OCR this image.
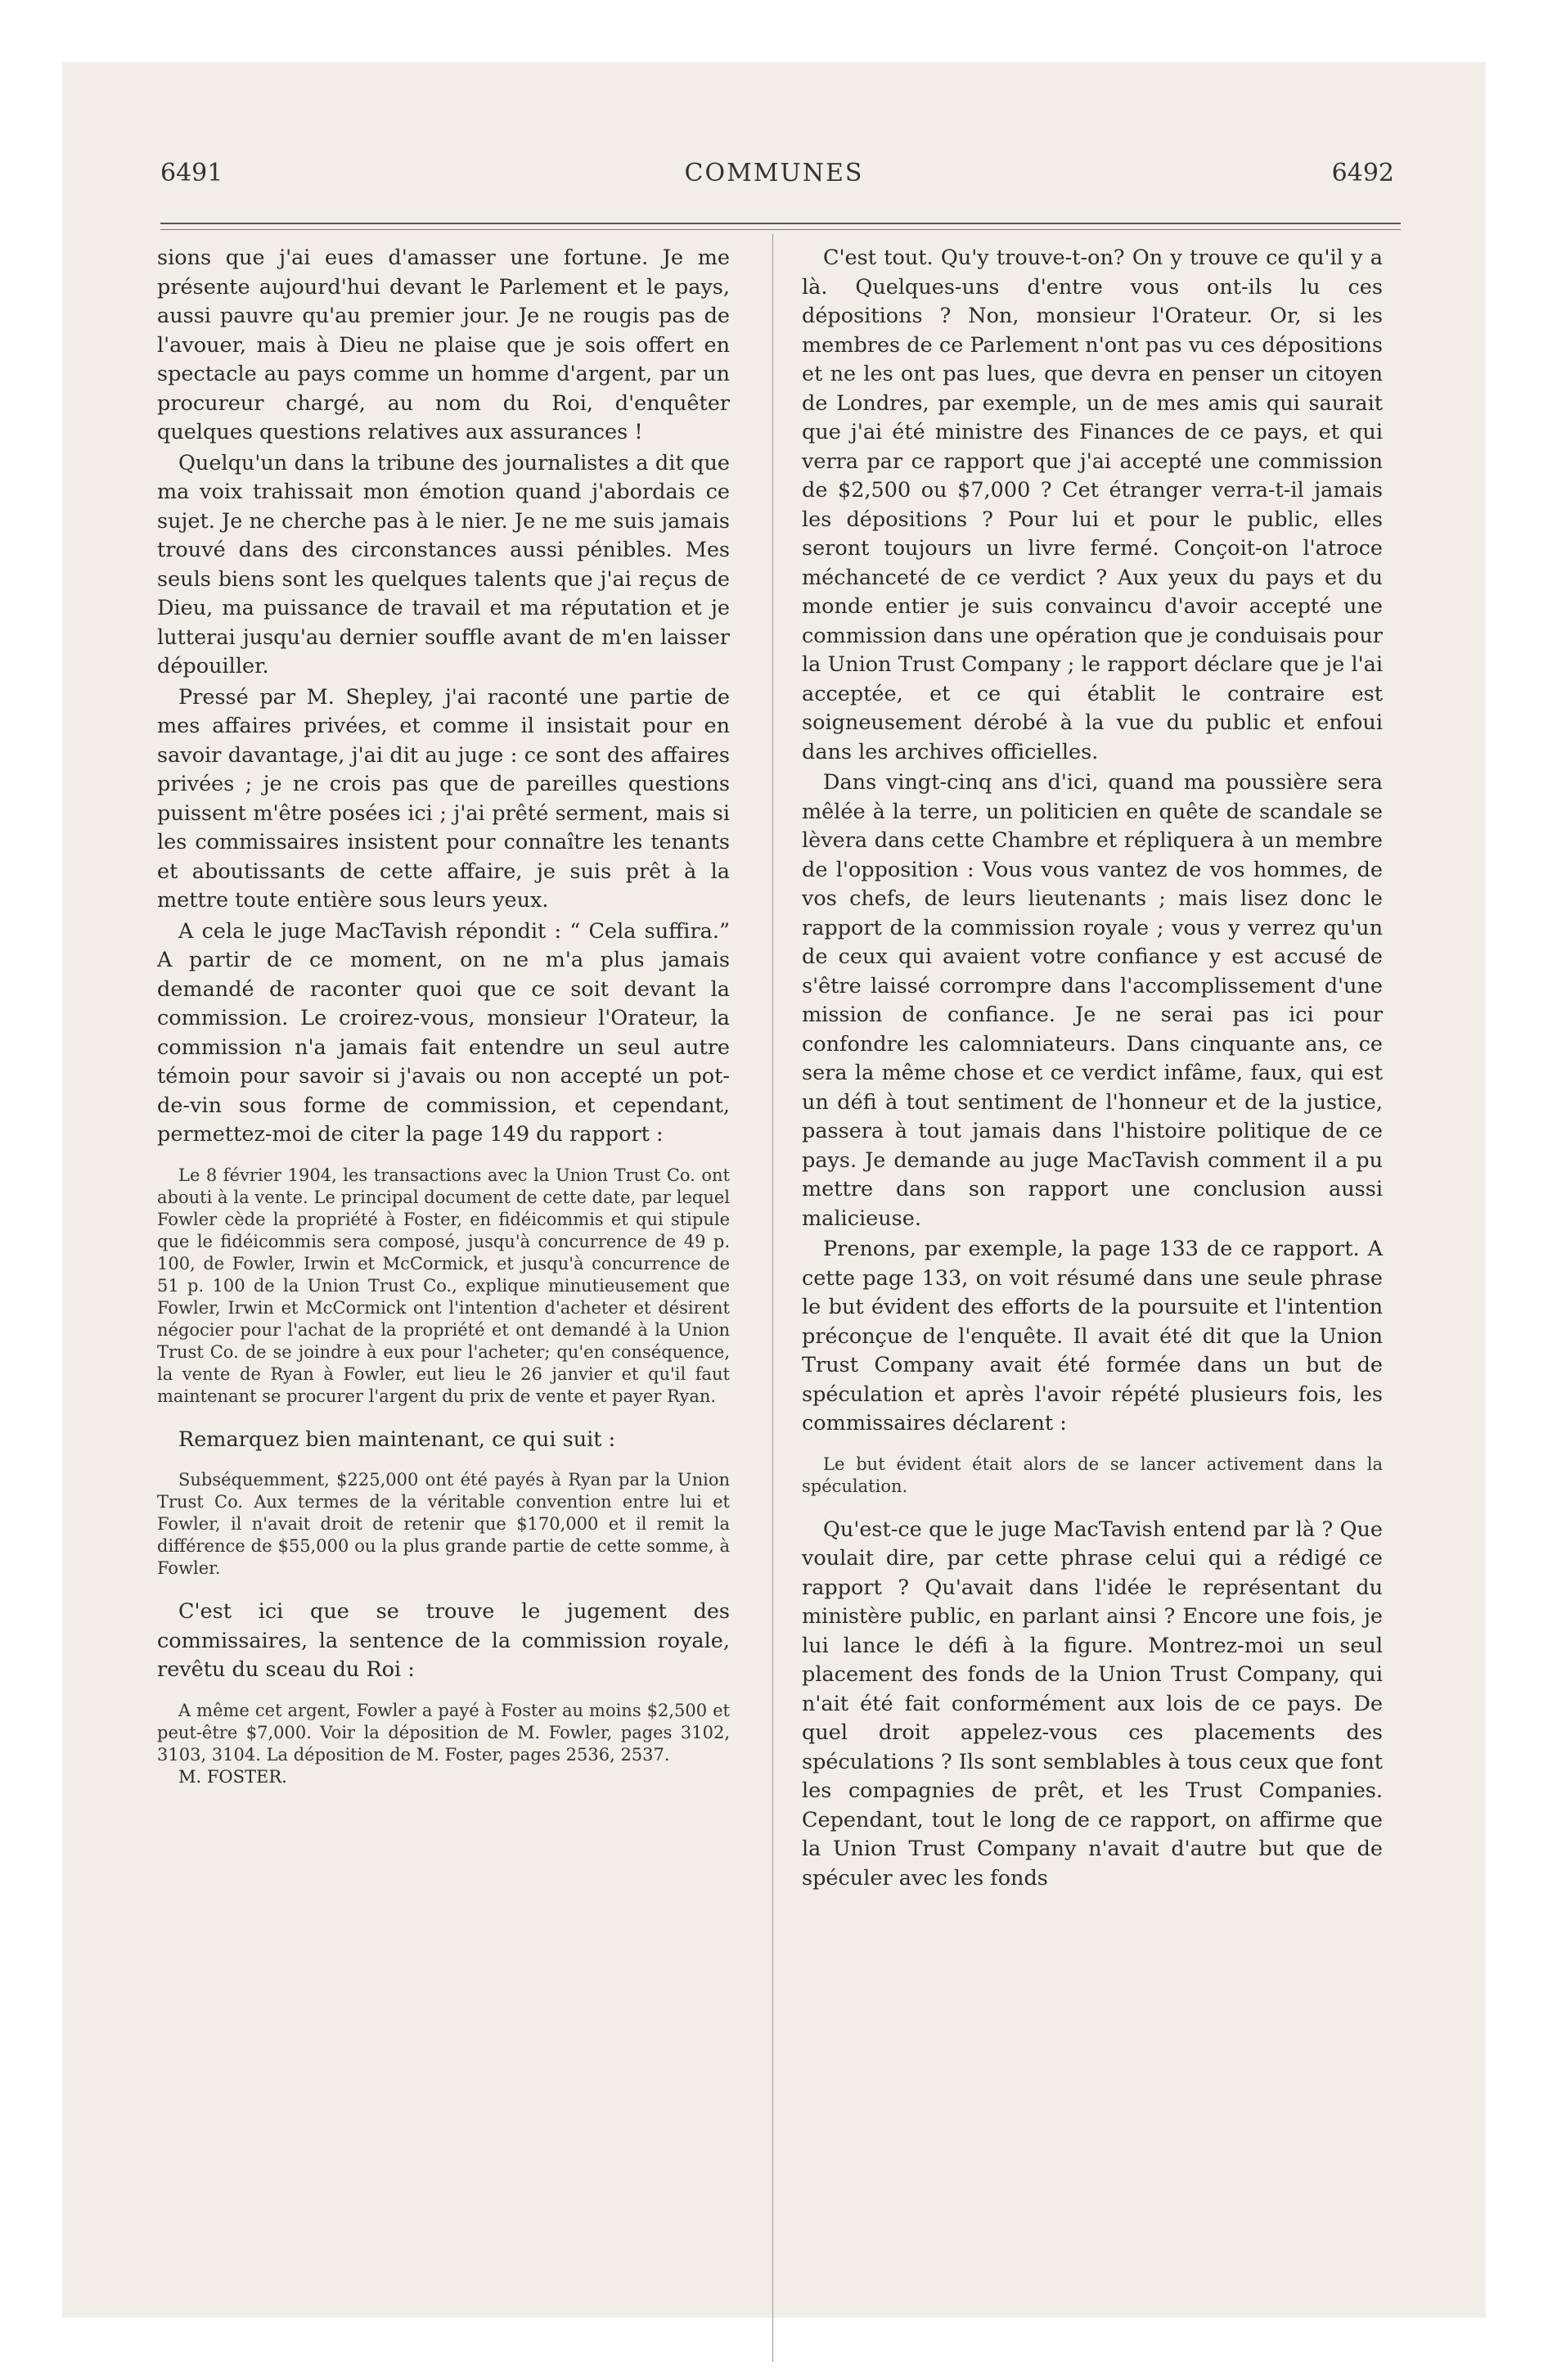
6491	COMMUNES	6492

sions que j'ai eues d'amasser une fortune. Je me présente aujourd'hui devant le Parlement et le pays, aussi pauvre qu'au premier jour. Je ne rougis pas de l'avouer, mais à Dieu ne plaise que je sois offert en spectacle au pays comme un homme d'argent, par un procureur chargé, au nom du Roi, d'enquêter quelques questions relatives aux assurances !

Quelqu'un dans la tribune des journalistes a dit que ma voix trahissait mon émotion quand j'abordais ce sujet. Je ne cherche pas à le nier. Je ne me suis jamais trouvé dans des circonstances aussi pénibles. Mes seuls biens sont les quelques talents que j'ai reçus de Dieu, ma puissance de travail et ma réputation et je lutterai jusqu'au dernier souffle avant de m'en laisser dépouiller.

Pressé par M. Shepley, j'ai raconté une partie de mes affaires privées, et comme il insistait pour en savoir davantage, j'ai dit au juge : ce sont des affaires privées ; je ne crois pas que de pareilles questions puissent m'être posées ici ; j'ai prêté serment, mais si les commissaires insistent pour connaître les tenants et aboutissants de cette affaire, je suis prêt à la mettre toute entière sous leurs yeux.

A cela le juge MacTavish répondit : “ Cela suffira.” A partir de ce moment, on ne m'a plus jamais demandé de raconter quoi que ce soit devant la commission. Le croirez-vous, monsieur l'Orateur, la commission n'a jamais fait entendre un seul autre témoin pour savoir si j'avais ou non accepté un pot-de-vin sous forme de commission, et cependant, permettez-moi de citer la page 149 du rapport :

Le 8 février 1904, les transactions avec la Union Trust Co. ont abouti à la vente. Le principal document de cette date, par lequel Fowler cède la propriété à Foster, en fidéicommis et qui stipule que le fidéicommis sera composé, jusqu'à concurrence de 49 p. 100, de Fowler, Irwin et McCormick, et jusqu'à concurrence de 51 p. 100 de la Union Trust Co., explique minutieusement que Fowler, Irwin et McCormick ont l'intention d'acheter et désirent négocier pour l'achat de la propriété et ont demandé à la Union Trust Co. de se joindre à eux pour l'acheter; qu'en conséquence, la vente de Ryan à Fowler, eut lieu le 26 janvier et qu'il faut maintenant se procurer l'argent du prix de vente et payer Ryan.

Remarquez bien maintenant, ce qui suit :

Subséquemment, $225,000 ont été payés à Ryan par la Union Trust Co. Aux termes de la véritable convention entre lui et Fowler, il n'avait droit de retenir que $170,000 et il remit la différence de $55,000 ou la plus grande partie de cette somme, à Fowler.

C'est ici que se trouve le jugement des commissaires, la sentence de la commission royale, revêtu du sceau du Roi :

A même cet argent, Fowler a payé à Foster au moins $2,500 et peut-être $7,000. Voir la déposition de M. Fowler, pages 3102, 3103, 3104. La déposition de M. Foster, pages 2536, 2537.

M. FOSTER.

C'est tout. Qu'y trouve-t-on? On y trouve ce qu'il y a là. Quelques-uns d'entre vous ont-ils lu ces dépositions ? Non, monsieur l'Orateur. Or, si les membres de ce Parlement n'ont pas vu ces dépositions et ne les ont pas lues, que devra en penser un citoyen de Londres, par exemple, un de mes amis qui saurait que j'ai été ministre des Finances de ce pays, et qui verra par ce rapport que j'ai accepté une commission de $2,500 ou $7,000 ? Cet étranger verra-t-il jamais les dépositions ? Pour lui et pour le public, elles seront toujours un livre fermé. Conçoit-on l'atroce méchanceté de ce verdict ? Aux yeux du pays et du monde entier je suis convaincu d'avoir accepté une commission dans une opération que je conduisais pour la Union Trust Company ; le rapport déclare que je l'ai acceptée, et ce qui établit le contraire est soigneusement dérobé à la vue du public et enfoui dans les archives officielles.

Dans vingt-cinq ans d'ici, quand ma poussière sera mêlée à la terre, un politicien en quête de scandale se lèvera dans cette Chambre et répliquera à un membre de l'opposition : Vous vous vantez de vos hommes, de vos chefs, de leurs lieutenants ; mais lisez donc le rapport de la commission royale ; vous y verrez qu'un de ceux qui avaient votre confiance y est accusé de s'être laissé corrompre dans l'accomplissement d'une mission de confiance. Je ne serai pas ici pour confondre les calomniateurs. Dans cinquante ans, ce sera la même chose et ce verdict infâme, faux, qui est un défi à tout sentiment de l'honneur et de la justice, passera à tout jamais dans l'histoire politique de ce pays. Je demande au juge MacTavish comment il a pu mettre dans son rapport une conclusion aussi malicieuse.

Prenons, par exemple, la page 133 de ce rapport. A cette page 133, on voit résumé dans une seule phrase le but évident des efforts de la poursuite et l'intention préconçue de l'enquête. Il avait été dit que la Union Trust Company avait été formée dans un but de spéculation et après l'avoir répété plusieurs fois, les commissaires déclarent :

Le but évident était alors de se lancer activement dans la spéculation.

Qu'est-ce que le juge MacTavish entend par là ? Que voulait dire, par cette phrase celui qui a rédigé ce rapport ? Qu'avait dans l'idée le représentant du ministère public, en parlant ainsi ? Encore une fois, je lui lance le défi à la figure. Montrez-moi un seul placement des fonds de la Union Trust Company, qui n'ait été fait conformément aux lois de ce pays. De quel droit appelez-vous ces placements des spéculations ? Ils sont semblables à tous ceux que font les compagnies de prêt, et les Trust Companies. Cependant, tout le long de ce rapport, on affirme que la Union Trust Company n'avait d'autre but que de spéculer avec les fonds
